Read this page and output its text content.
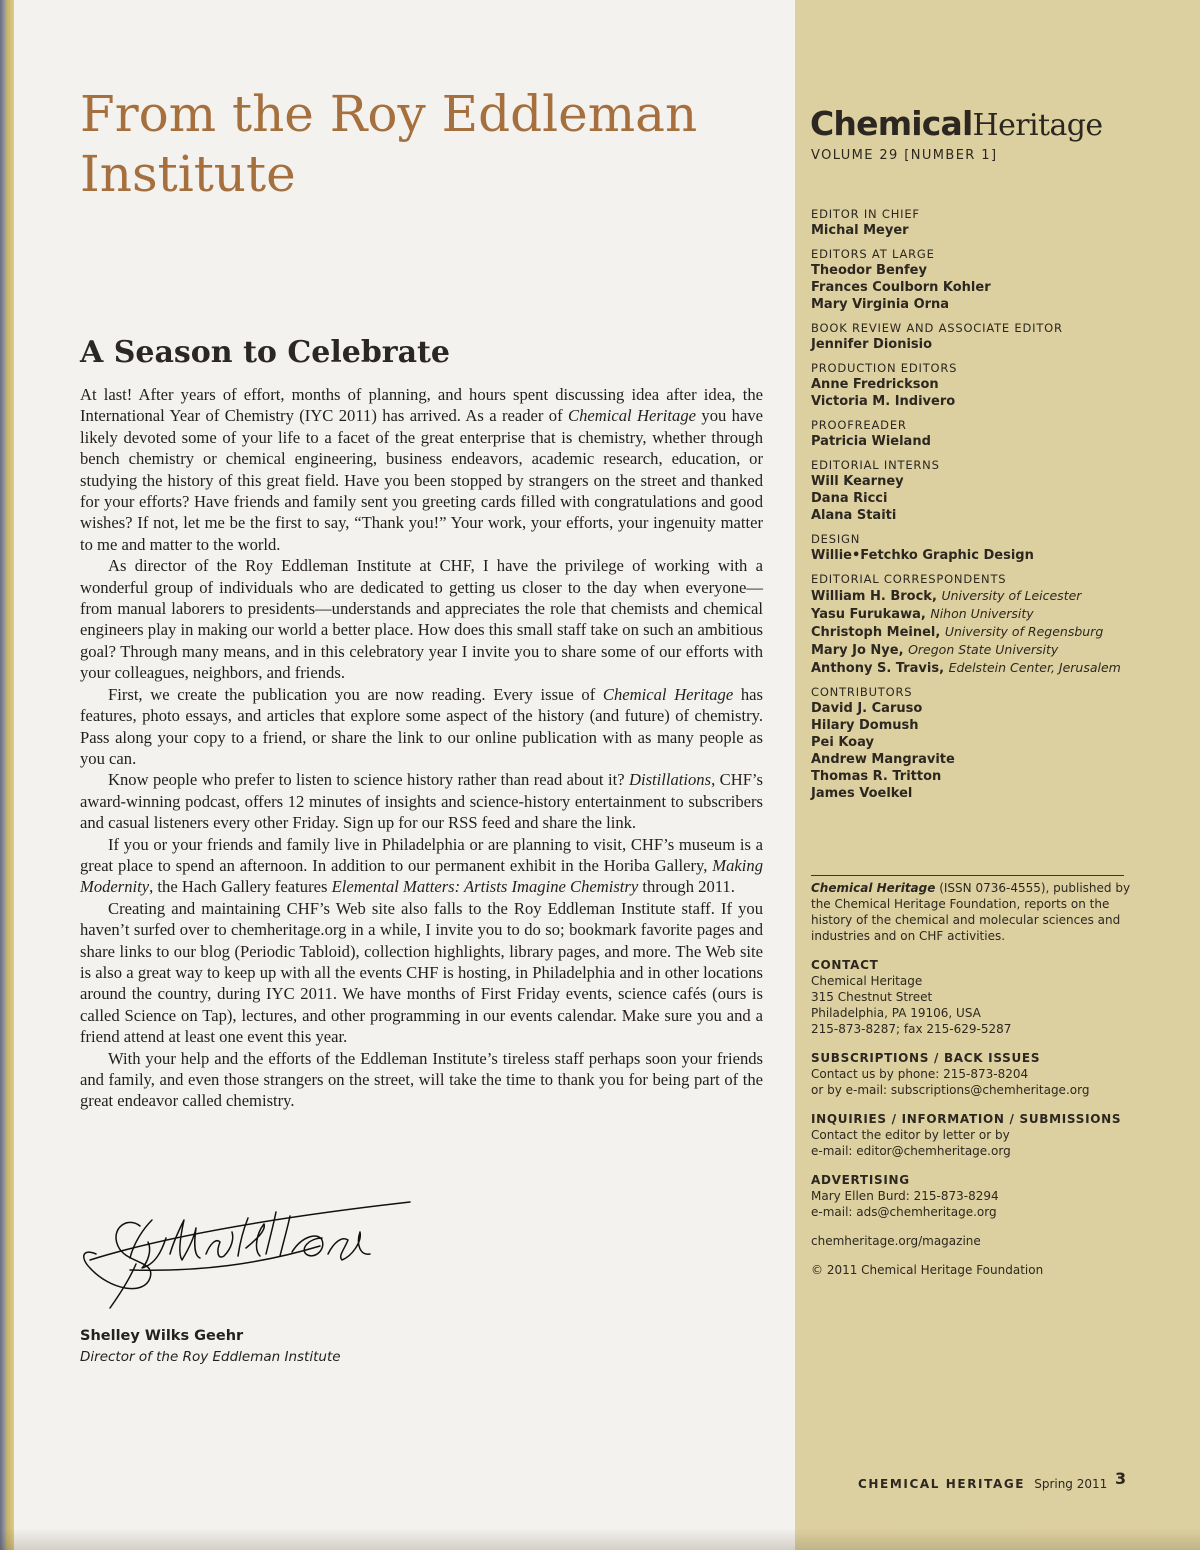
From the Roy Eddleman
Institute
A Season to Celebrate

At last! After years of effort, months of planning, and hours spent discussing idea after idea, the International Year of Chemistry (IYC 2011) has arrived. As a reader of Chemical Heritage you have likely devoted some of your life to a facet of the great enterprise that is chemistry, whether through bench chemistry or chemical engineering, business endeavors, academic research, education, or studying the history of this great field. Have you been stopped by strangers on the street and thanked for your efforts? Have friends and family sent you greeting cards filled with congratulations and good wishes? If not, let me be the first to say, “Thank you!” Your work, your efforts, your ingenuity matter to me and matter to the world.

As director of the Roy Eddleman Institute at CHF, I have the privilege of working with a wonderful group of individuals who are dedicated to getting us closer to the day when everyone—from manual laborers to presidents—understands and appreciates the role that chemists and chemical engineers play in making our world a better place. How does this small staff take on such an ambitious goal? Through many means, and in this celebratory year I invite you to share some of our efforts with your colleagues, neighbors, and friends.

First, we create the publication you are now reading. Every issue of Chemical Heritage has features, photo essays, and articles that explore some aspect of the history (and future) of chemistry. Pass along your copy to a friend, or share the link to our online publication with as many people as you can.

Know people who prefer to listen to science history rather than read about it? Distillations, CHF’s award-winning podcast, offers 12 minutes of insights and science-history entertainment to subscribers and casual listeners every other Friday. Sign up for our RSS feed and share the link.

If you or your friends and family live in Philadelphia or are planning to visit, CHF’s museum is a great place to spend an afternoon. In addition to our permanent exhibit in the Horiba Gallery, Making Modernity, the Hach Gallery features Elemental Matters: Artists Imagine Chemistry through 2011.

Creating and maintaining CHF’s Web site also falls to the Roy Eddleman Institute staff. If you haven’t surfed over to chemheritage.org in a while, I invite you to do so; bookmark favorite pages and share links to our blog (Periodic Tabloid), collection highlights, library pages, and more. The Web site is also a great way to keep up with all the events CHF is hosting, in Philadelphia and in other locations around the country, during IYC 2011. We have months of First Friday events, science cafés (ours is called Science on Tap), lectures, and other programming in our events calendar. Make sure you and a friend attend at least one event this year.

With your help and the efforts of the Eddleman Institute’s tireless staff perhaps soon your friends and family, and even those strangers on the street, will take the time to thank you for being part of the great endeavor called chemistry.

Shelley Wilks Geehr
Director of the Roy Eddleman Institute
ChemicalHeritage
VOLUME 29 [NUMBER 1]
EDITOR IN CHIEF
Michal Meyer
EDITORS AT LARGE
Theodor Benfey
Frances Coulborn Kohler
Mary Virginia Orna
BOOK REVIEW AND ASSOCIATE EDITOR
Jennifer Dionisio
PRODUCTION EDITORS
Anne Fredrickson
Victoria M. Indivero
PROOFREADER
Patricia Wieland
EDITORIAL INTERNS
Will Kearney
Dana Ricci
Alana Staiti
DESIGN
Willie•Fetchko Graphic Design
EDITORIAL CORRESPONDENTS
William H. Brock, University of Leicester
Yasu Furukawa, Nihon University
Christoph Meinel, University of Regensburg
Mary Jo Nye, Oregon State University
Anthony S. Travis, Edelstein Center, Jerusalem
CONTRIBUTORS
David J. Caruso
Hilary Domush
Pei Koay
Andrew Mangravite
Thomas R. Tritton
James Voelkel
Chemical Heritage (ISSN 0736-4555), published by the Chemical Heritage Foundation, reports on the history of the chemical and molecular sciences and industries and on CHF activities.
CONTACT
Chemical Heritage
315 Chestnut Street
Philadelphia, PA 19106, USA
215-873-8287; fax 215-629-5287
SUBSCRIPTIONS / BACK ISSUES
Contact us by phone: 215-873-8204
or by e-mail: subscriptions@chemheritage.org
INQUIRIES / INFORMATION / SUBMISSIONS
Contact the editor by letter or by
e-mail: editor@chemheritage.org
ADVERTISING
Mary Ellen Burd: 215-873-8294
e-mail: ads@chemheritage.org
chemheritage.org/magazine
© 2011 Chemical Heritage Foundation
CHEMICAL HERITAGE Spring 2011 3
